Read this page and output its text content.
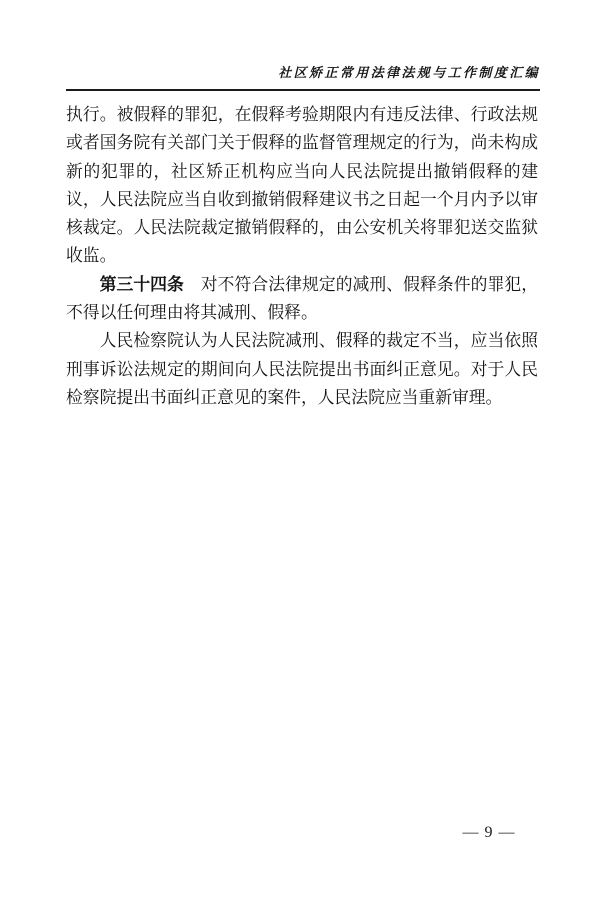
社区矫正常用法律法规与工作制度汇编
执行。被假释的罪犯，在假释考验期限内有违反法律、行政法规
或者国务院有关部门关于假释的监督管理规定的行为，尚未构成
新的犯罪的，社区矫正机构应当向人民法院提出撤销假释的建
议，人民法院应当自收到撤销假释建议书之日起一个月内予以审
核裁定。人民法院裁定撤销假释的，由公安机关将罪犯送交监狱
收监。
第三十四条　对不符合法律规定的减刑、假释条件的罪犯，
不得以任何理由将其减刑、假释。
人民检察院认为人民法院减刑、假释的裁定不当，应当依照
刑事诉讼法规定的期间向人民法院提出书面纠正意见。对于人民
检察院提出书面纠正意见的案件，人民法院应当重新审理。
— 9 —
